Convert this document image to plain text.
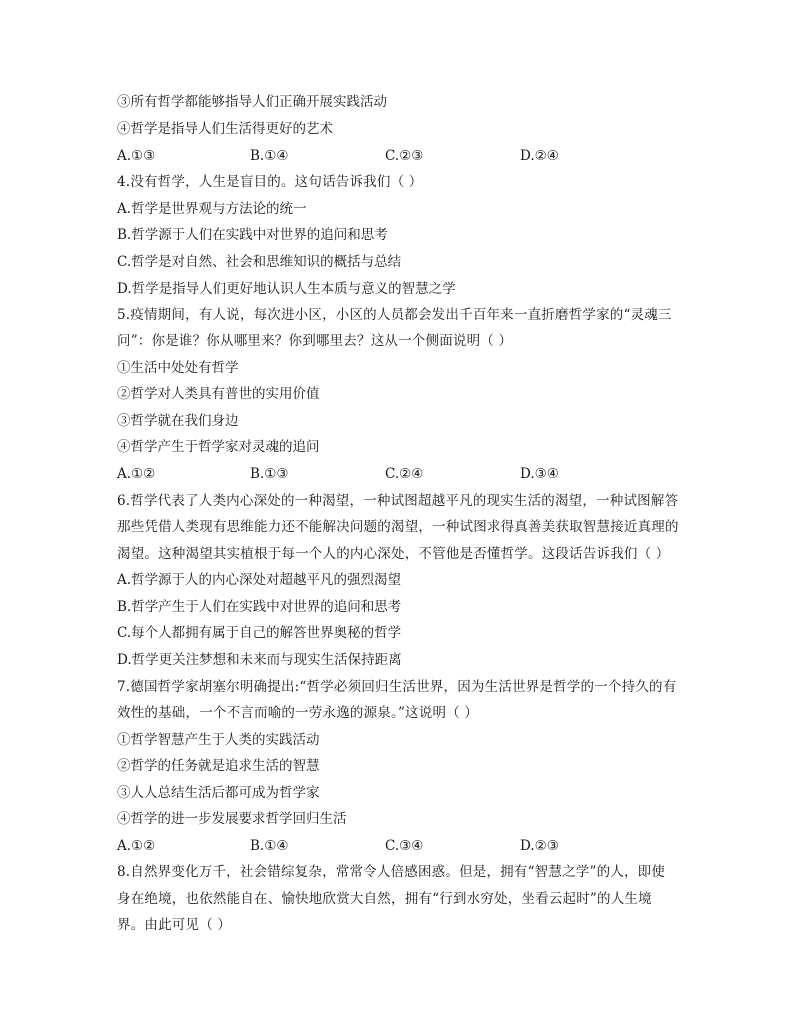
③所有哲学都能够指导人们正确开展实践活动
④哲学是指导人们生活得更好的艺术
A.①③	B.①④	C.②③	D.②④
4.没有哲学，人生是盲目的。这句话告诉我们（ ）
A.哲学是世界观与方法论的统一
B.哲学源于人们在实践中对世界的追问和思考
C.哲学是对自然、社会和思维知识的概括与总结
D.哲学是指导人们更好地认识人生本质与意义的智慧之学
5.疫情期间，有人说，每次进小区，小区的人员都会发出千百年来一直折磨哲学家的“灵魂三
问”：你是谁？你从哪里来？你到哪里去？这从一个侧面说明（ ）
①生活中处处有哲学
②哲学对人类具有普世的实用价值
③哲学就在我们身边
④哲学产生于哲学家对灵魂的追问
A.①②	B.①③	C.②④	D.③④
6.哲学代表了人类内心深处的一种渴望，一种试图超越平凡的现实生活的渴望，一种试图解答
那些凭借人类现有思维能力还不能解决问题的渴望，一种试图求得真善美获取智慧接近真理的
渴望。这种渴望其实植根于每一个人的内心深处，不管他是否懂哲学。这段话告诉我们（ ）
A.哲学源于人的内心深处对超越平凡的强烈渴望
B.哲学产生于人们在实践中对世界的追问和思考
C.每个人都拥有属于自己的解答世界奥秘的哲学
D.哲学更关注梦想和未来而与现实生活保持距离
7.德国哲学家胡塞尔明确提出:“哲学必须回归生活世界，因为生活世界是哲学的一个持久的有
效性的基础，一个不言而喻的一劳永逸的源泉。”这说明（ ）
①哲学智慧产生于人类的实践活动
②哲学的任务就是追求生活的智慧
③人人总结生活后都可成为哲学家
④哲学的进一步发展要求哲学回归生活
A.①②	B.①④	C.③④	D.②③
8.自然界变化万千，社会错综复杂，常常令人倍感困惑。但是，拥有“智慧之学”的人，即使
身在绝境，也依然能自在、愉快地欣赏大自然，拥有“行到水穷处，坐看云起时”的人生境
界。由此可见（ ）
